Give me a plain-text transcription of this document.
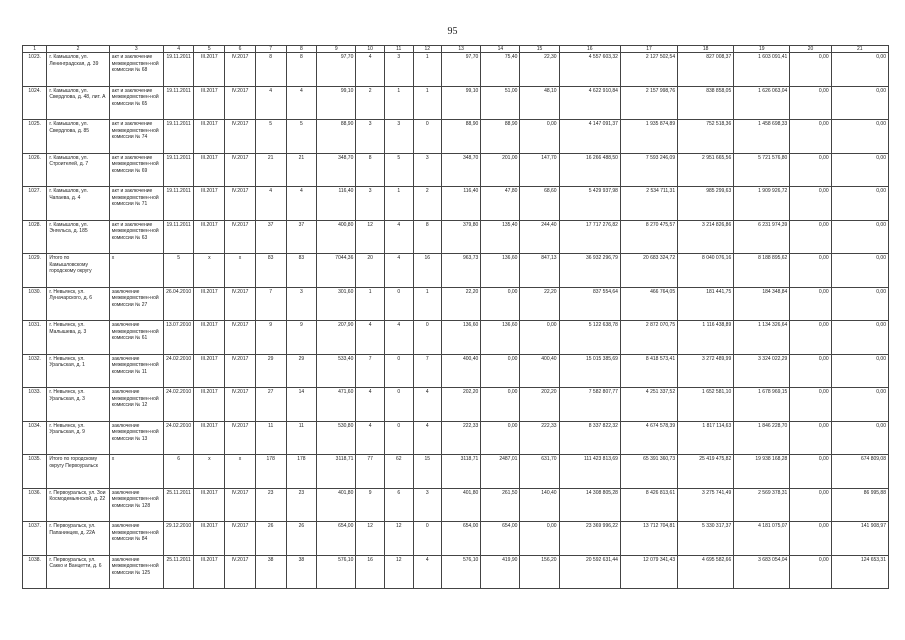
95
1	2	3	4	5	6	7	8	9	10	11	12	13	14	15	16	17	18	19	20	21
1023.	г. Камышлов, ул. Ленинградская, д. 39	акт и заключение межведомствен-ной комиссии № 68	19.11.2011	III.2017	IV.2017	8	8	97,70	4	3	1	97,70	75,40	22,30	4 557 603,32	2 127 502,54	827 008,37	1 603 091,41	0,00	0,00
1024.	г. Камышлов, ул. Свердлова, д. 48, лит. А	акт и заключение межведомствен-ной комиссии № 65	19.11.2011	III.2017	IV.2017	4	4	99,10	2	1	1	99,10	51,00	48,10	4 622 910,84	2 157 998,76	838 858,05	1 626 063,04	0,00	0,00
1025.	г. Камышлов, ул. Свердлова, д. 85	акт и заключение межведомствен-ной комиссии № 74	19.11.2011	III.2017	IV.2017	5	5	88,90	3	3	0	88,90	88,90	0,00	4 147 091,37	1 935 874,89	752 518,36	1 458 698,33	0,00	0,00
1026.	г. Камышлов, ул. Строителей, д. 7	акт и заключение межведомствен-ной комиссии № 69	19.11.2011	III.2017	IV.2017	21	21	348,70	8	5	3	348,70	201,00	147,70	16 266 488,50	7 593 246,09	2 951 665,56	5 721 576,80	0,00	0,00
1027.	г. Камышлов, ул. Чапаева, д. 4	акт и заключение межведомствен-ной комиссии № 71	19.11.2011	III.2017	IV.2017	4	4	116,40	3	1	2	116,40	47,80	68,60	5 429 937,98	2 534 711,31	985 299,63	1 909 926,72	0,00	0,00
1028.	г. Камышлов, ул. Энгельса, д. 185	акт и заключение межведомствен-ной комиссии № 63	19.11.2011	III.2017	IV.2017	37	37	400,80	12	4	8	379,80	135,40	244,40	17 717 276,82	8 270 475,57	3 214 826,86	6 231 974,39	0,00	0,00
1029.	Итого по Камышловскому городскому округу	х	5	х	х	83	83	7044,36	20	4	16	963,73	136,60	847,13	36 932 296,79	20 683 324,72	8 040 076,16	8 188 895,62	0,00	0,00
1030.	г. Невьянск, ул. Луначарского, д. 6	заключение межведомствен-ной комиссии № 27	26.04.2010	III.2017	IV.2017	7	3	301,60	1	0	1	22,20	0,00	22,20	837 554,64	466 764,05	181 441,75	184 348,84	0,00	0,00
1031.	г. Невьянск, ул. Малышева, д. 3	заключение межведомствен-ной комиссии № 61	13.07.2010	III.2017	IV.2017	9	9	207,90	4	4	0	136,60	136,60	0,00	5 122 638,78	2 872 070,75	1 116 438,89	1 134 326,64	0,00	0,00
1032.	г. Невьянск, ул. Уральская, д. 1	заключение межведомствен-ной комиссии № 11	24.02.2010	III.2017	IV.2017	29	29	533,40	7	0	7	400,40	0,00	400,40	15 015 385,69	8 418 573,41	3 272 489,99	3 324 022,29	0,00	0,00
1033.	г. Невьянск, ул. Уральская, д. 3	заключение межведомствен-ной комиссии № 12	24.02.2010	III.2017	IV.2017	27	14	471,60	4	0	4	202,20	0,00	202,20	7 582 807,77	4 251 337,52	1 652 581,10	1 678 969,15	0,00	0,00
1034.	г. Невьянск, ул. Уральская, д. 9	заключение межведомствен-ной комиссии № 13	24.02.2010	III.2017	IV.2017	11	11	530,80	4	0	4	222,33	0,00	222,33	8 337 822,32	4 674 578,39	1 817 114,63	1 846 228,70	0,00	0,00
1035.	Итого по городскому округу Первоуральск	х	6	х	х	178	178	3118,71	77	62	15	3118,71	2487,01	631,70	111 423 813,69	65 391 360,73	25 419 475,82	19 938 168,28	0,00	674 809,08
1036.	г. Первоуральск, ул. Зои Космодемьянской, д. 22	заключение межведомствен-ной комиссии № 128	25.11.2011	III.2017	IV.2017	23	23	401,80	9	6	3	401,80	261,50	140,40	14 308 805,28	8 426 813,61	3 275 741,49	2 569 378,31	0,00	86 995,88
1037.	г. Первоуральск, ул. Папанинцев, д. 22А	заключение межведомствен-ной комиссии № 84	29.12.2010	III.2017	IV.2017	26	26	654,00	12	12	0	654,00	654,00	0,00	23 369 996,22	13 712 704,81	5 330 317,37	4 181 075,07	0,00	141 908,97
1038.	г. Первоуральск, ул. Сакко и Ванцетти, д. 6	заключение межведомствен-ной комиссии № 125	25.11.2011	III.2017	IV.2017	38	38	576,10	16	12	4	576,10	419,90	156,20	20 592 631,44	12 079 341,43	4 695 582,66	3 683 054,04	0,00	124 653,31
